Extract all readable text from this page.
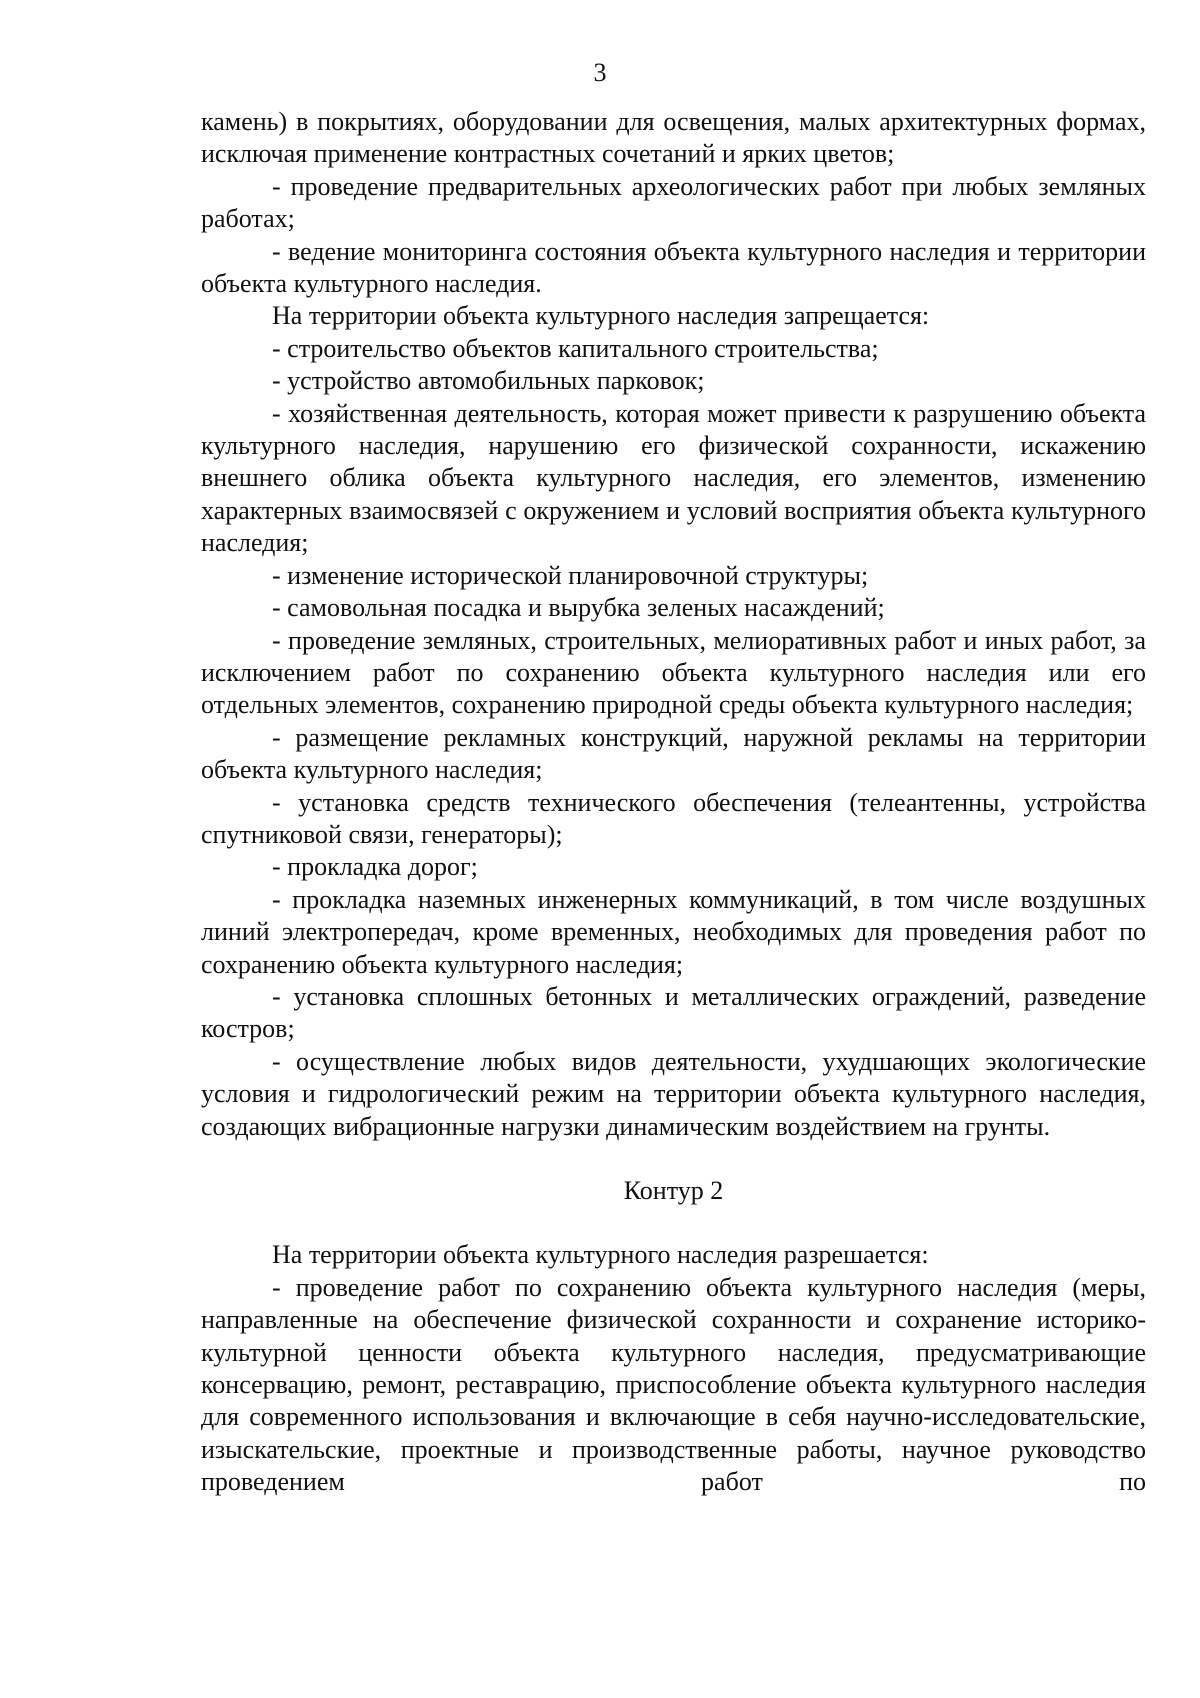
3

камень) в покрытиях, оборудовании для освещения, малых архитектурных формах, исключая применение контрастных сочетаний и ярких цветов;

- проведение предварительных археологических работ при любых земляных работах;

- ведение мониторинга состояния объекта культурного наследия и территории объекта культурного наследия.

На территории объекта культурного наследия запрещается:

- строительство объектов капитального строительства;

- устройство автомобильных парковок;

- хозяйственная деятельность, которая может привести к разрушению объекта культурного наследия, нарушению его физической сохранности, искажению внешнего облика объекта культурного наследия, его элементов, изменению характерных взаимосвязей с окружением и условий восприятия объекта культурного наследия;

- изменение исторической планировочной структуры;

- самовольная посадка и вырубка зеленых насаждений;

- проведение земляных, строительных, мелиоративных работ и иных работ, за исключением работ по сохранению объекта культурного наследия или его отдельных элементов, сохранению природной среды объекта культурного наследия;

- размещение рекламных конструкций, наружной рекламы на территории объекта культурного наследия;

- установка средств технического обеспечения (телеантенны, устройства спутниковой связи, генераторы);

- прокладка дорог;

- прокладка наземных инженерных коммуникаций, в том числе воздушных линий электропередач, кроме временных, необходимых для проведения работ по сохранению объекта культурного наследия;

- установка сплошных бетонных и металлических ограждений, разведение костров;

- осуществление любых видов деятельности, ухудшающих экологические условия и гидрологический режим на территории объекта культурного наследия, создающих вибрационные нагрузки динамическим воздействием на грунты.

Контур 2

На территории объекта культурного наследия разрешается:

- проведение работ по сохранению объекта культурного наследия (меры, направленные на обеспечение физической сохранности и сохранение историко-культурной ценности объекта культурного наследия, предусматривающие консервацию, ремонт, реставрацию, приспособление объекта культурного наследия для современного использования и включающие в себя научно-исследовательские, изыскательские, проектные и производственные работы, научное руководство проведением работ по
